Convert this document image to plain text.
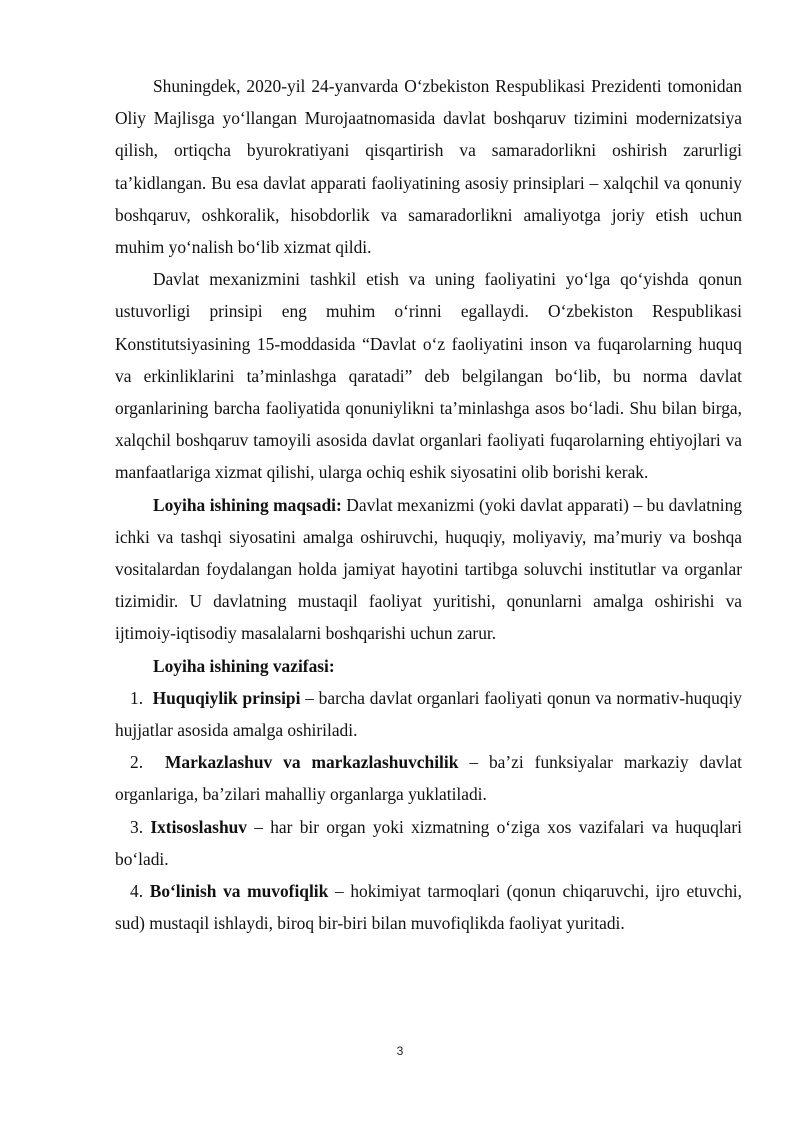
Shuningdek, 2020-yil 24-yanvarda O‘zbekiston Respublikasi Prezidenti tomonidan Oliy Majlisga yo‘llangan Murojaatnomasida davlat boshqaruv tizimini modernizatsiya qilish, ortiqcha byurokratiyani qisqartirish va samaradorlikni oshirish zarurligi ta’kidlangan. Bu esa davlat apparati faoliyatining asosiy prinsiplari – xalqchil va qonuniy boshqaruv, oshkoralik, hisobdorlik va samaradorlikni amaliyotga joriy etish uchun muhim yo‘nalish bo‘lib xizmat qildi.

Davlat mexanizmini tashkil etish va uning faoliyatini yo‘lga qo‘yishda qonun ustuvorligi prinsipi eng muhim o‘rinni egallaydi. O‘zbekiston Respublikasi Konstitutsiyasining 15-moddasida “Davlat o‘z faoliyatini inson va fuqarolarning huquq va erkinliklarini ta’minlashga qaratadi” deb belgilangan bo‘lib, bu norma davlat organlarining barcha faoliyatida qonuniylikni ta’minlashga asos bo‘ladi. Shu bilan birga, xalqchil boshqaruv tamoyili asosida davlat organlari faoliyati fuqarolarning ehtiyojlari va manfaatlariga xizmat qilishi, ularga ochiq eshik siyosatini olib borishi kerak.

Loyiha ishining maqsadi: Davlat mexanizmi (yoki davlat apparati) – bu davlatning ichki va tashqi siyosatini amalga oshiruvchi, huquqiy, moliyaviy, ma’muriy va boshqa vositalardan foydalangan holda jamiyat hayotini tartibga soluvchi institutlar va organlar tizimidir. U davlatning mustaqil faoliyat yuritishi, qonunlarni amalga oshirishi va ijtimoiy-iqtisodiy masalalarni boshqarishi uchun zarur.

Loyiha ishining vazifasi:

1. Huquqiylik prinsipi – barcha davlat organlari faoliyati qonun va normativ-huquqiy hujjatlar asosida amalga oshiriladi.

2. Markazlashuv va markazlashuvchilik – ba’zi funksiyalar markaziy davlat organlariga, ba’zilari mahalliy organlarga yuklatiladi.

3. Ixtisoslashuv – har bir organ yoki xizmatning o‘ziga xos vazifalari va huquqlari bo‘ladi.

4. Bo‘linish va muvofiqlik – hokimiyat tarmoqlari (qonun chiqaruvchi, ijro etuvchi, sud) mustaqil ishlaydi, biroq bir-biri bilan muvofiqlikda faoliyat yuritadi.

3
